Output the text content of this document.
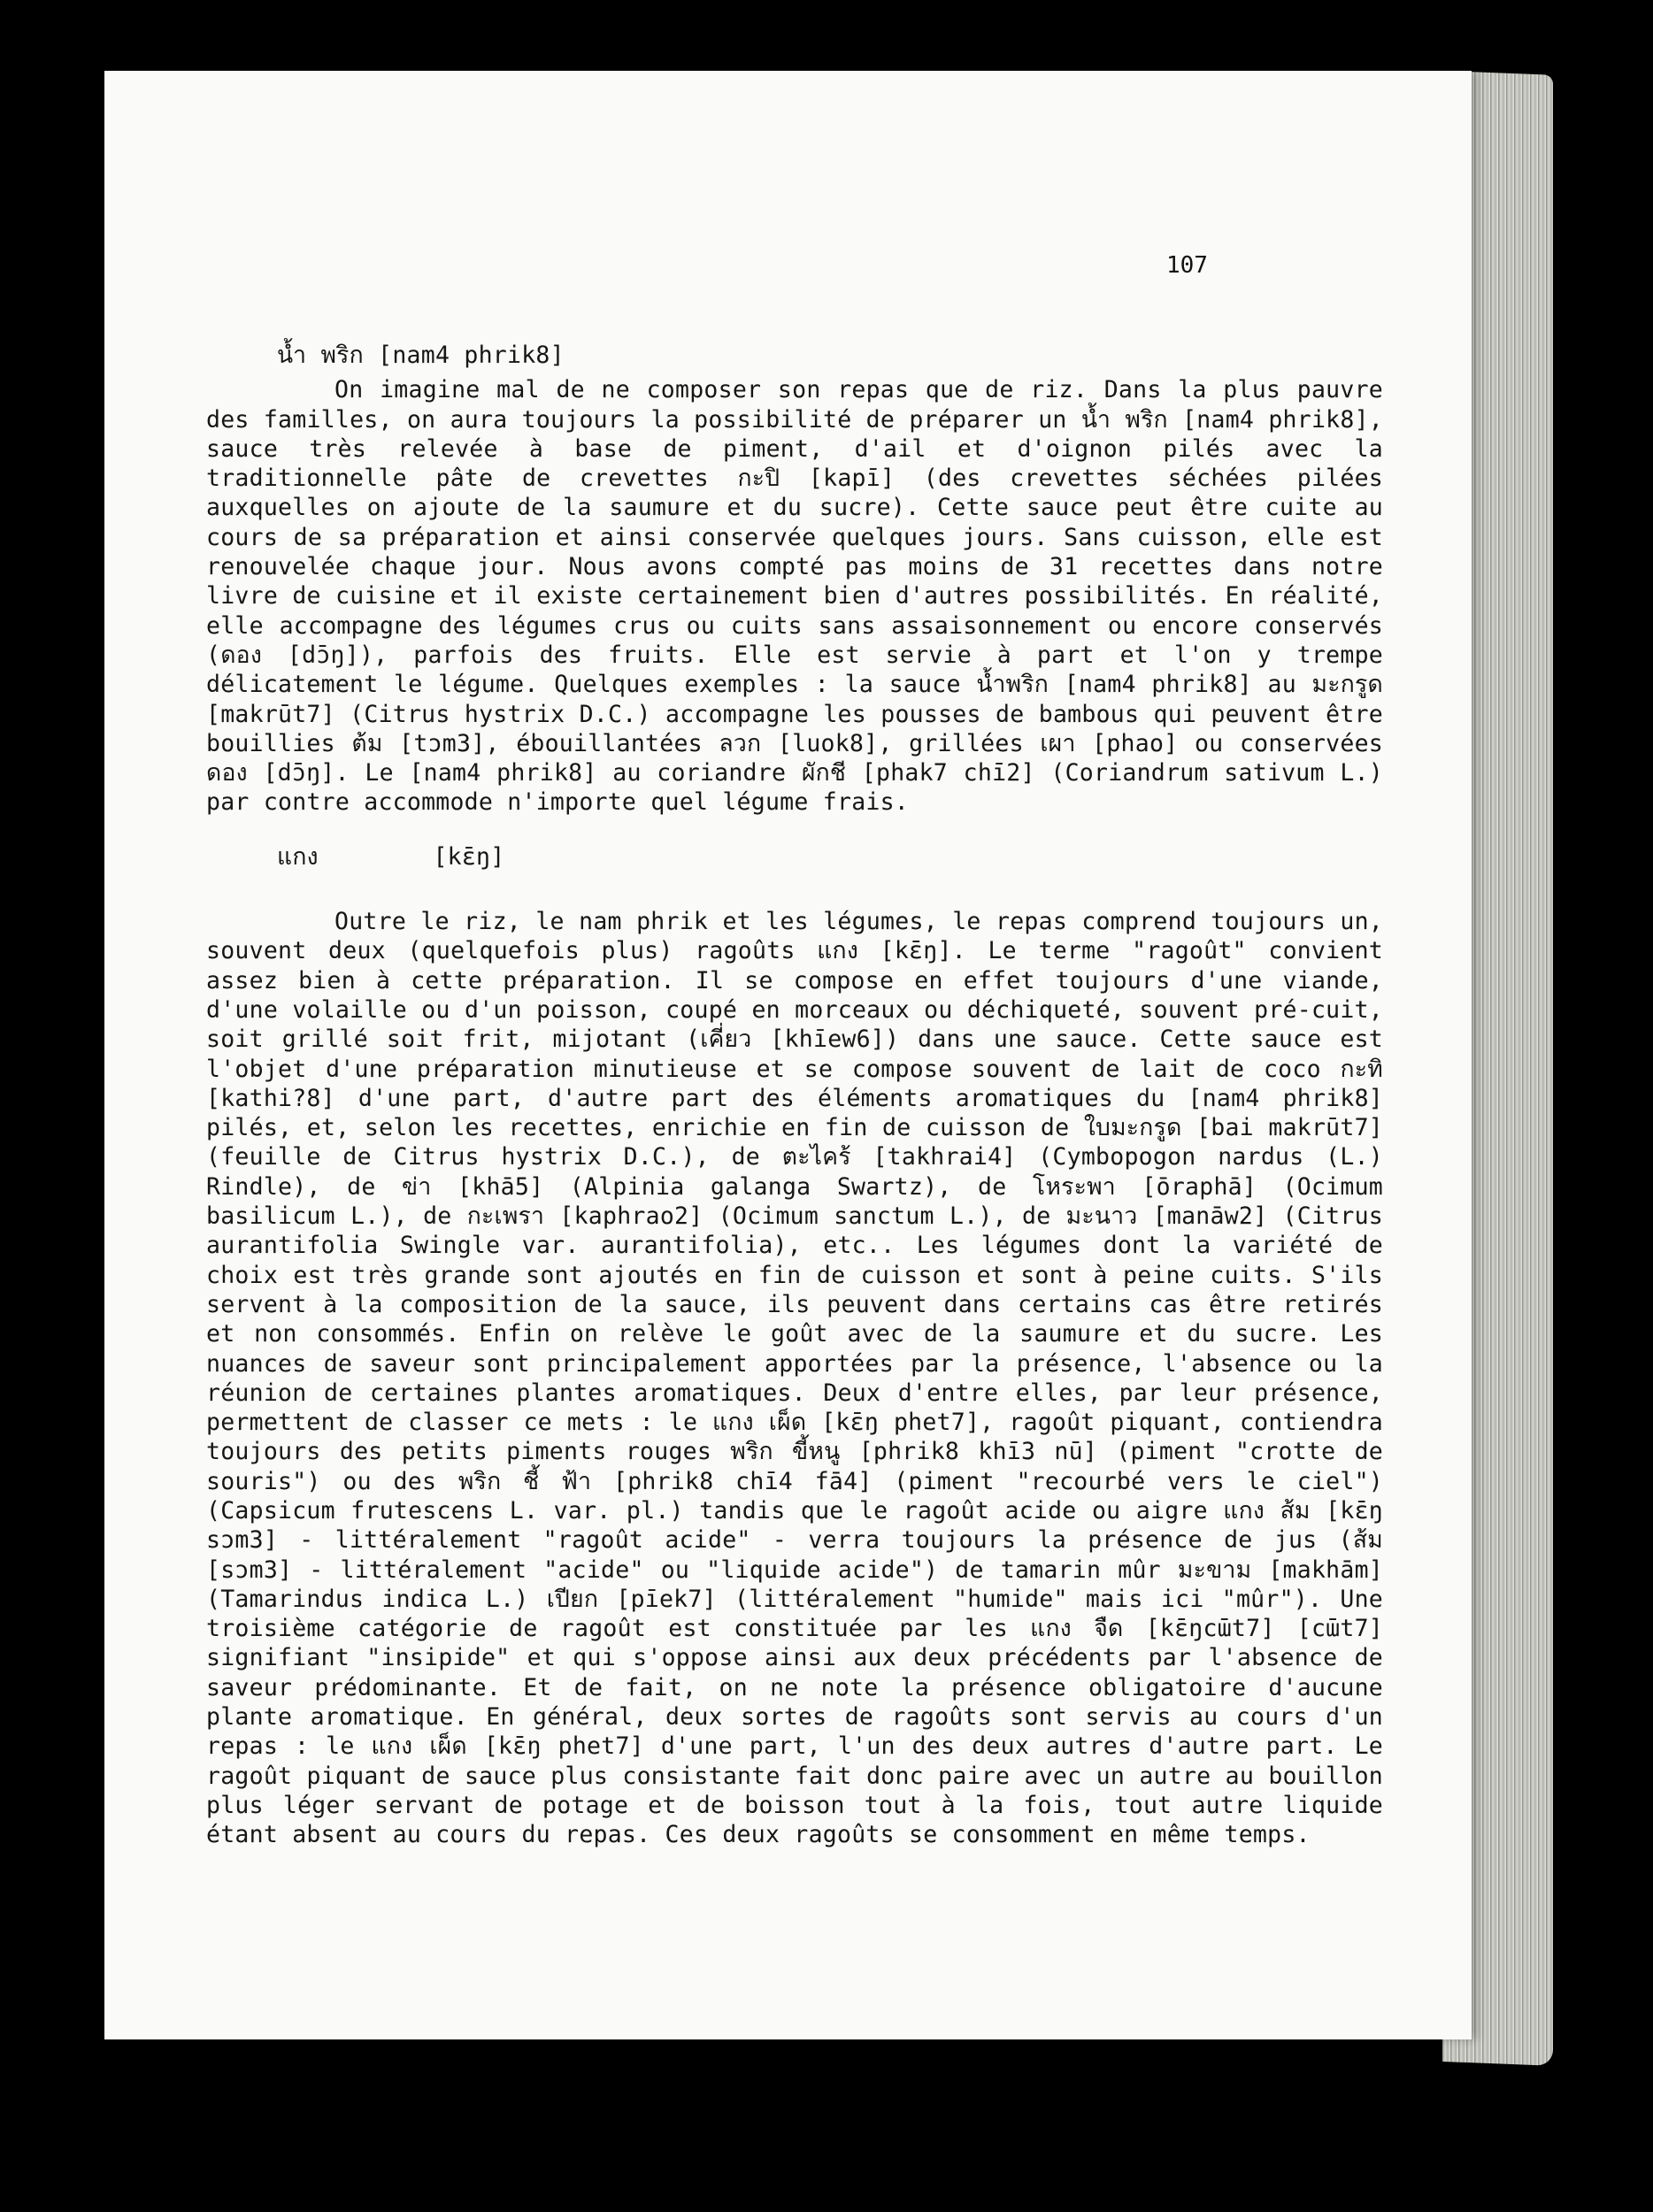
107
น้ำ พริก [nam4 phrik8]

On imagine mal de ne composer son repas que de riz. Dans la plus pauvre des familles, on aura toujours la possibilité de préparer un น้ำ พริก [nam4 phrik8], sauce très relevée à base de piment, d'ail et d'oignon pilés avec la traditionnelle pâte de crevettes กะปิ [kapī] (des crevettes séchées pilées auxquelles on ajoute de la saumure et du sucre). Cette sauce peut être cuite au cours de sa préparation et ainsi conservée quelques jours. Sans cuisson, elle est renouvelée chaque jour. Nous avons compté pas moins de 31 recettes dans notre livre de cuisine et il existe certainement bien d'autres possibilités. En réalité, elle accompagne des légumes crus ou cuits sans assaisonnement ou encore conservés (ดอง [dɔ̄ŋ]), parfois des fruits. Elle est servie à part et l'on y trempe délicatement le légume. Quelques exemples : la sauce น้ำพริก [nam4 phrik8] au มะกรูด [makrūt7] (Citrus hystrix D.C.) accompagne les pousses de bambous qui peuvent être bouillies ต้ม [tɔm3], ébouillantées ลวก [luok8], grillées เผา [phao] ou conservées ดอง [dɔ̄ŋ]. Le [nam4 phrik8] au coriandre ผักชี [phak7 chī2] (Coriandrum sativum L.) par contre accommode n'importe quel légume frais.

แกง        [kɛ̄ŋ]

Outre le riz, le nam phrik et les légumes, le repas comprend toujours un, souvent deux (quelquefois plus) ragoûts แกง [kɛ̄ŋ]. Le terme "ragoût" convient assez bien à cette préparation. Il se compose en effet toujours d'une viande, d'une volaille ou d'un poisson, coupé en morceaux ou déchiqueté, souvent pré-cuit, soit grillé soit frit, mijotant (เคี่ยว [khīew6]) dans une sauce. Cette sauce est l'objet d'une préparation minutieuse et se compose souvent de lait de coco กะทิ [kathi?8] d'une part, d'autre part des éléments aromatiques du [nam4 phrik8] pilés, et, selon les recettes, enrichie en fin de cuisson de ใบมะกรูด [bai makrūt7] (feuille de Citrus hystrix D.C.), de ตะไคร้ [takhrai4] (Cymbopogon nardus (L.) Rindle), de ข่า [khā5] (Alpinia galanga Swartz), de โหระพา [ōraphā] (Ocimum basilicum L.), de กะเพรา [kaphrao2] (Ocimum sanctum L.), de มะนาว [manāw2] (Citrus aurantifolia Swingle var. aurantifolia), etc.. Les légumes dont la variété de choix est très grande sont ajoutés en fin de cuisson et sont à peine cuits. S'ils servent à la composition de la sauce, ils peuvent dans certains cas être retirés et non consommés. Enfin on relève le goût avec de la saumure et du sucre. Les nuances de saveur sont principalement apportées par la présence, l'absence ou la réunion de certaines plantes aromatiques. Deux d'entre elles, par leur présence, permettent de classer ce mets : le แกง เผ็ด [kɛ̄ŋ phet7], ragoût piquant, contiendra toujours des petits piments rouges พริก ขี้หนู [phrik8 khī3 nū] (piment "crotte de souris") ou des พริก ชี้ ฟ้า [phrik8 chī4 fā4] (piment "recourbé vers le ciel") (Capsicum frutescens L. var. pl.) tandis que le ragoût acide ou aigre แกง ส้ม [kɛ̄ŋ sɔm3] - littéralement "ragoût acide" - verra toujours la présence de jus (ส้ม [sɔm3] - littéralement "acide" ou "liquide acide") de tamarin mûr มะขาม [makhām] (Tamarindus indica L.) เปียก [pīek7] (littéralement "humide" mais ici "mûr"). Une troisième catégorie de ragoût est constituée par les แกง จืด [kɛ̄ŋcɯ̄t7] [cɯ̄t7] signifiant "insipide" et qui s'oppose ainsi aux deux précédents par l'absence de saveur prédominante. Et de fait, on ne note la présence obligatoire d'aucune plante aromatique. En général, deux sortes de ragoûts sont servis au cours d'un repas : le แกง เผ็ด [kɛ̄ŋ phet7] d'une part, l'un des deux autres d'autre part. Le ragoût piquant de sauce plus consistante fait donc paire avec un autre au bouillon plus léger servant de potage et de boisson tout à la fois, tout autre liquide étant absent au cours du repas. Ces deux ragoûts se consomment en même temps.
